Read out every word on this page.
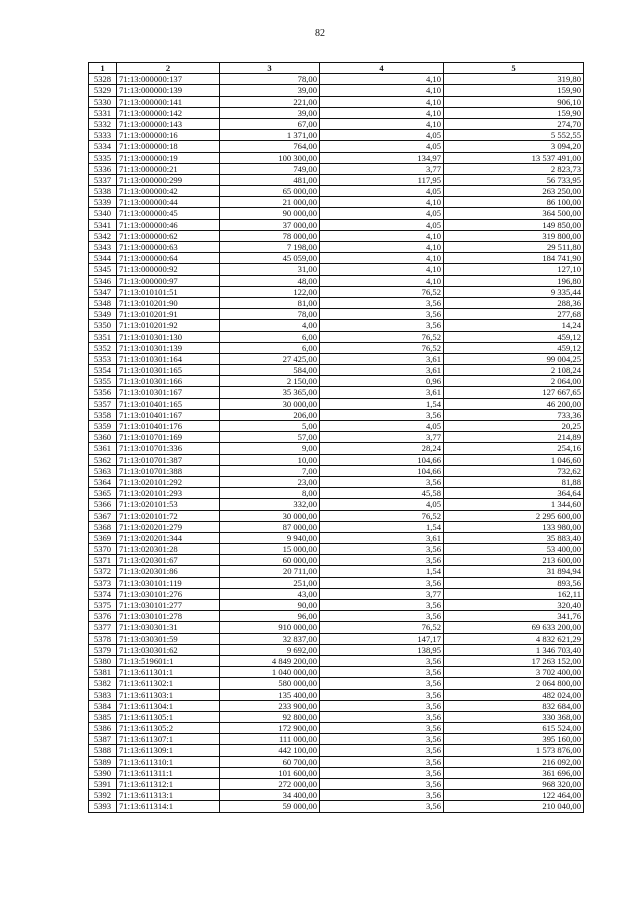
82
1	2	3	4	5
5328	71:13:000000:137	78,00	4,10	319,80
5329	71:13:000000:139	39,00	4,10	159,90
5330	71:13:000000:141	221,00	4,10	906,10
5331	71:13:000000:142	39,00	4,10	159,90
5332	71:13:000000:143	67,00	4,10	274,70
5333	71:13:000000:16	1 371,00	4,05	5 552,55
5334	71:13:000000:18	764,00	4,05	3 094,20
5335	71:13:000000:19	100 300,00	134,97	13 537 491,00
5336	71:13:000000:21	749,00	3,77	2 823,73
5337	71:13:000000:299	481,00	117,95	56 733,95
5338	71:13:000000:42	65 000,00	4,05	263 250,00
5339	71:13:000000:44	21 000,00	4,10	86 100,00
5340	71:13:000000:45	90 000,00	4,05	364 500,00
5341	71:13:000000:46	37 000,00	4,05	149 850,00
5342	71:13:000000:62	78 000,00	4,10	319 800,00
5343	71:13:000000:63	7 198,00	4,10	29 511,80
5344	71:13:000000:64	45 059,00	4,10	184 741,90
5345	71:13:000000:92	31,00	4,10	127,10
5346	71:13:000000:97	48,00	4,10	196,80
5347	71:13:010101:51	122,00	76,52	9 335,44
5348	71:13:010201:90	81,00	3,56	288,36
5349	71:13:010201:91	78,00	3,56	277,68
5350	71:13:010201:92	4,00	3,56	14,24
5351	71:13:010301:130	6,00	76,52	459,12
5352	71:13:010301:139	6,00	76,52	459,12
5353	71:13:010301:164	27 425,00	3,61	99 004,25
5354	71:13:010301:165	584,00	3,61	2 108,24
5355	71:13:010301:166	2 150,00	0,96	2 064,00
5356	71:13:010301:167	35 365,00	3,61	127 667,65
5357	71:13:010401:165	30 000,00	1,54	46 200,00
5358	71:13:010401:167	206,00	3,56	733,36
5359	71:13:010401:176	5,00	4,05	20,25
5360	71:13:010701:169	57,00	3,77	214,89
5361	71:13:010701:336	9,00	28,24	254,16
5362	71:13:010701:387	10,00	104,66	1 046,60
5363	71:13:010701:388	7,00	104,66	732,62
5364	71:13:020101:292	23,00	3,56	81,88
5365	71:13:020101:293	8,00	45,58	364,64
5366	71:13:020101:53	332,00	4,05	1 344,60
5367	71:13:020101:72	30 000,00	76,52	2 295 600,00
5368	71:13:020201:279	87 000,00	1,54	133 980,00
5369	71:13:020201:344	9 940,00	3,61	35 883,40
5370	71:13:020301:28	15 000,00	3,56	53 400,00
5371	71:13:020301:67	60 000,00	3,56	213 600,00
5372	71:13:020301:86	20 711,00	1,54	31 894,94
5373	71:13:030101:119	251,00	3,56	893,56
5374	71:13:030101:276	43,00	3,77	162,11
5375	71:13:030101:277	90,00	3,56	320,40
5376	71:13:030101:278	96,00	3,56	341,76
5377	71:13:030301:31	910 000,00	76,52	69 633 200,00
5378	71:13:030301:59	32 837,00	147,17	4 832 621,29
5379	71:13:030301:62	9 692,00	138,95	1 346 703,40
5380	71:13:519601:1	4 849 200,00	3,56	17 263 152,00
5381	71:13:611301:1	1 040 000,00	3,56	3 702 400,00
5382	71:13:611302:1	580 000,00	3,56	2 064 800,00
5383	71:13:611303:1	135 400,00	3,56	482 024,00
5384	71:13:611304:1	233 900,00	3,56	832 684,00
5385	71:13:611305:1	92 800,00	3,56	330 368,00
5386	71:13:611305:2	172 900,00	3,56	615 524,00
5387	71:13:611307:1	111 000,00	3,56	395 160,00
5388	71:13:611309:1	442 100,00	3,56	1 573 876,00
5389	71:13:611310:1	60 700,00	3,56	216 092,00
5390	71:13:611311:1	101 600,00	3,56	361 696,00
5391	71:13:611312:1	272 000,00	3,56	968 320,00
5392	71:13:611313:1	34 400,00	3,56	122 464,00
5393	71:13:611314:1	59 000,00	3,56	210 040,00
